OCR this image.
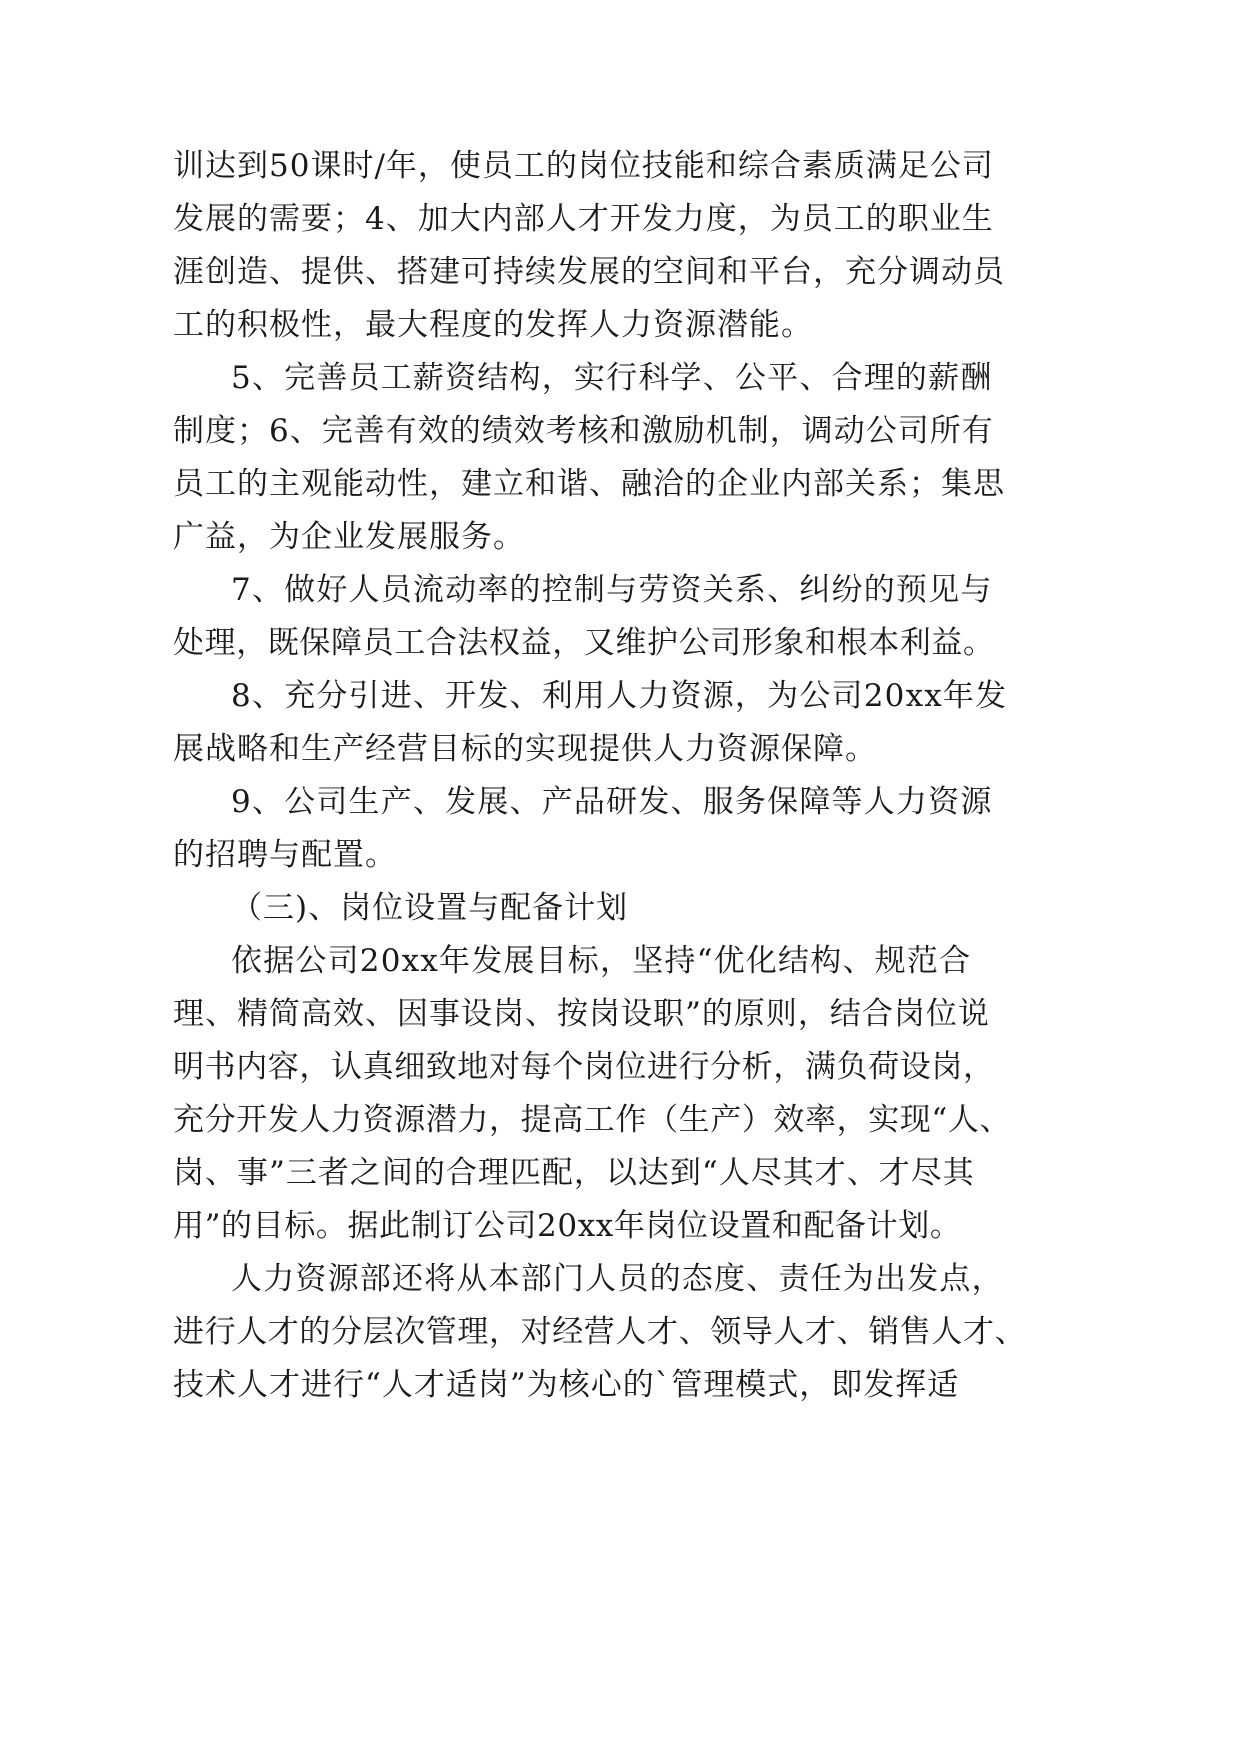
训达到50课时/年，使员工的岗位技能和综合素质满足公司
发展的需要；4、加大内部人才开发力度，为员工的职业生
涯创造、提供、搭建可持续发展的空间和平台，充分调动员
工的积极性，最大程度的发挥人力资源潜能。
5、完善员工薪资结构，实行科学、公平、合理的薪酬
制度；6、完善有效的绩效考核和激励机制，调动公司所有
员工的主观能动性，建立和谐、融洽的企业内部关系；集思
广益，为企业发展服务。
7、做好人员流动率的控制与劳资关系、纠纷的预见与
处理，既保障员工合法权益，又维护公司形象和根本利益。
8、充分引进、开发、利用人力资源，为公司20xx年发
展战略和生产经营目标的实现提供人力资源保障。
9、公司生产、发展、产品研发、服务保障等人力资源
的招聘与配置。
（三)、岗位设置与配备计划
依据公司20xx年发展目标，坚持“优化结构、规范合
理、精简高效、因事设岗、按岗设职”的原则，结合岗位说
明书内容，认真细致地对每个岗位进行分析，满负荷设岗，
充分开发人力资源潜力，提高工作（生产）效率，实现“人、
岗、事”三者之间的合理匹配，以达到“人尽其才、才尽其
用”的目标。据此制订公司20xx年岗位设置和配备计划。
人力资源部还将从本部门人员的态度、责任为出发点，
进行人才的分层次管理，对经营人才、领导人才、销售人才、
技术人才进行“人才适岗”为核心的`管理模式，即发挥适
